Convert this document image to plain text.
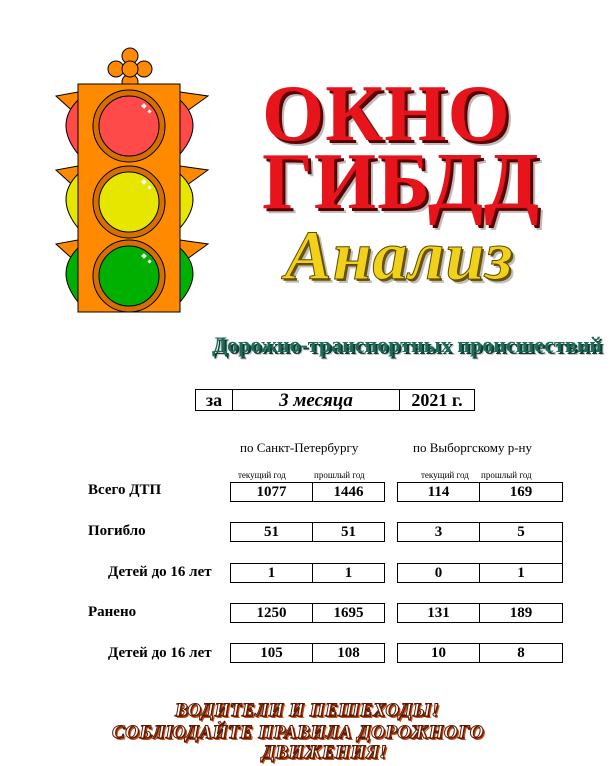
ОКНО
ГИБДД
Анализ
Дорожно-транспортных происшествий
за	3 месяца	2021 г.
по Санкт-Петербургу	по Выборгскому р-ну
текущий год	прошлый год	текущий год прошлый год
Всего ДТП	1077	1446	114	169
Погибло	51	51	3	5
Детей до 16 лет	1	1	0	1
Ранено	1250	1695	131	189
Детей до 16 лет	105	108	10	8
ВОДИТЕЛИ И ПЕШЕХОДЫ!
СОБЛЮДАЙТЕ ПРАВИЛА ДОРОЖНОГО
ДВИЖЕНИЯ!
